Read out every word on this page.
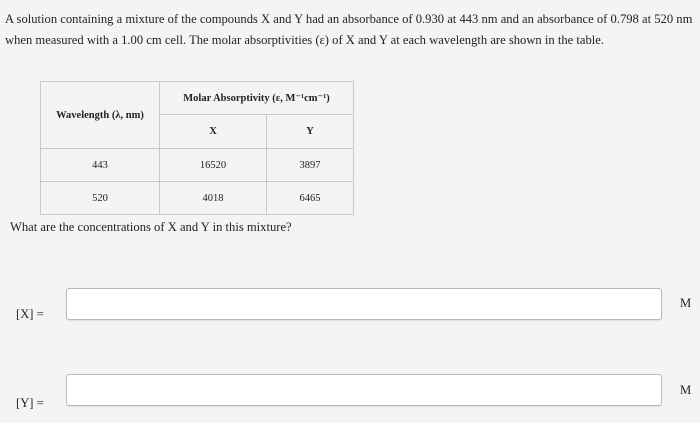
A solution containing a mixture of the compounds X and Y had an absorbance of 0.930 at 443 nm and an absorbance of 0.798 at 520 nm when measured with a 1.00 cm cell. The molar absorptivities (ε) of X and Y at each wavelength are shown in the table.
Wavelength (λ, nm)	Molar Absorptivity (ε, M⁻¹cm⁻¹)	
	X	Y
443	16520	3897
520	4018	6465
What are the concentrations of X and Y in this mixture?
[X] =
M
[Y] =
M
